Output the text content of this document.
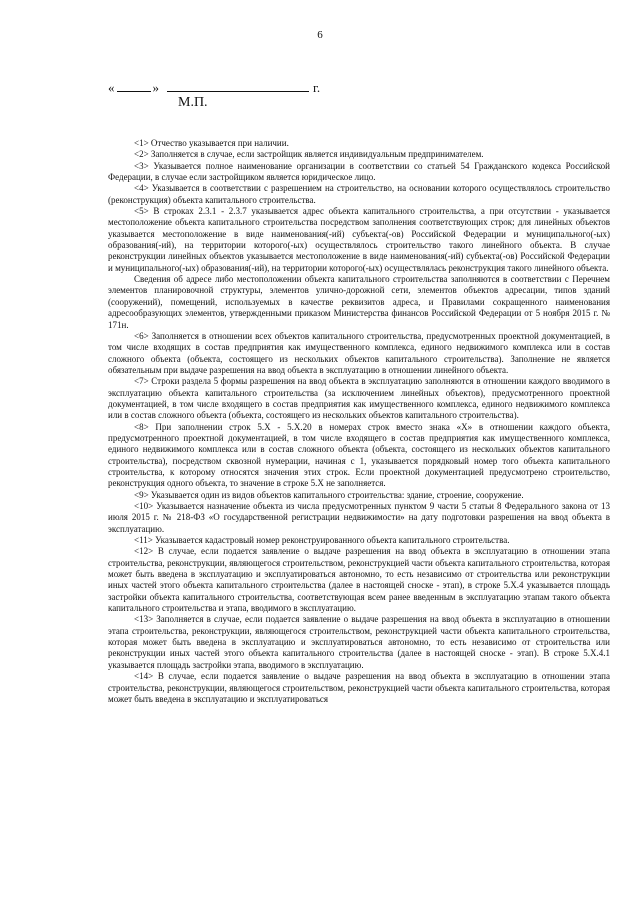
6
«	»	г.
М.П.

<1> Отчество указывается при наличии.

<2> Заполняется в случае, если застройщик является индивидуальным предпринимателем.

<3> Указывается полное наименование организации в соответствии со статьей 54 Гражданского кодекса Российской Федерации, в случае если застройщиком является юридическое лицо.

<4> Указывается в соответствии с разрешением на строительство, на основании которого осуществлялось строительство (реконструкция) объекта капитального строительства.

<5> В строках 2.3.1 - 2.3.7 указывается адрес объекта капитального строительства, а при отсутствии - указывается местоположение объекта капитального строительства посредством заполнения соответствующих строк; для линейных объектов указывается местоположение в виде наименования(-ий) субъекта(-ов) Российской Федерации и муниципального(-ых) образования(-ий), на территории которого(-ых) осуществлялось строительство такого линейного объекта. В случае реконструкции линейных объектов указывается местоположение в виде наименования(-ий) субъекта(-ов) Российской Федерации и муниципального(-ых) образования(-ий), на территории которого(-ых) осуществлялась реконструкция такого линейного объекта.

Сведения об адресе либо местоположении объекта капитального строительства заполняются в соответствии с Перечнем элементов планировочной структуры, элементов улично-дорожной сети, элементов объектов адресации, типов зданий (сооружений), помещений, используемых в качестве реквизитов адреса, и Правилами сокращенного наименования адресообразующих элементов, утвержденными приказом Министерства финансов Российской Федерации от 5 ноября 2015 г. № 171н.

<6> Заполняется в отношении всех объектов капитального строительства, предусмотренных проектной документацией, в том числе входящих в состав предприятия как имущественного комплекса, единого недвижимого комплекса или в состав сложного объекта (объекта, состоящего из нескольких объектов капитального строительства). Заполнение не является обязательным при выдаче разрешения на ввод объекта в эксплуатацию в отношении линейного объекта.

<7> Строки раздела 5 формы разрешения на ввод объекта в эксплуатацию заполняются в отношении каждого вводимого в эксплуатацию объекта капитального строительства (за исключением линейных объектов), предусмотренного проектной документацией, в том числе входящего в состав предприятия как имущественного комплекса, единого недвижимого комплекса или в состав сложного объекта (объекта, состоящего из нескольких объектов капитального строительства).

<8> При заполнении строк 5.X - 5.X.20 в номерах строк вместо знака «X» в отношении каждого объекта, предусмотренного проектной документацией, в том числе входящего в состав предприятия как имущественного комплекса, единого недвижимого комплекса или в состав сложного объекта (объекта, состоящего из нескольких объектов капитального строительства), посредством сквозной нумерации, начиная с 1, указывается порядковый номер того объекта капитального строительства, к которому относятся значения этих строк. Если проектной документацией предусмотрено строительство, реконструкция одного объекта, то значение в строке 5.X не заполняется.

<9> Указывается один из видов объектов капитального строительства: здание, строение, сооружение.

<10> Указывается назначение объекта из числа предусмотренных пунктом 9 части 5 статьи 8 Федерального закона от 13 июля 2015 г. № 218-ФЗ «О государственной регистрации недвижимости» на дату подготовки разрешения на ввод объекта в эксплуатацию.

<11> Указывается кадастровый номер реконструированного объекта капитального строительства.

<12> В случае, если подается заявление о выдаче разрешения на ввод объекта в эксплуатацию в отношении этапа строительства, реконструкции, являющегося строительством, реконструкцией части объекта капитального строительства, которая может быть введена в эксплуатацию и эксплуатироваться автономно, то есть независимо от строительства или реконструкции иных частей этого объекта капитального строительства (далее в настоящей сноске - этап), в строке 5.X.4 указывается площадь застройки объекта капитального строительства, соответствующая всем ранее введенным в эксплуатацию этапам такого объекта капитального строительства и этапа, вводимого в эксплуатацию.

<13> Заполняется в случае, если подается заявление о выдаче разрешения на ввод объекта в эксплуатацию в отношении этапа строительства, реконструкции, являющегося строительством, реконструкцией части объекта капитального строительства, которая может быть введена в эксплуатацию и эксплуатироваться автономно, то есть независимо от строительства или реконструкции иных частей этого объекта капитального строительства (далее в настоящей сноске - этап). В строке 5.X.4.1 указывается площадь застройки этапа, вводимого в эксплуатацию.

<14> В случае, если подается заявление о выдаче разрешения на ввод объекта в эксплуатацию в отношении этапа строительства, реконструкции, являющегося строительством, реконструкцией части объекта капитального строительства, которая может быть введена в эксплуатацию и эксплуатироваться
